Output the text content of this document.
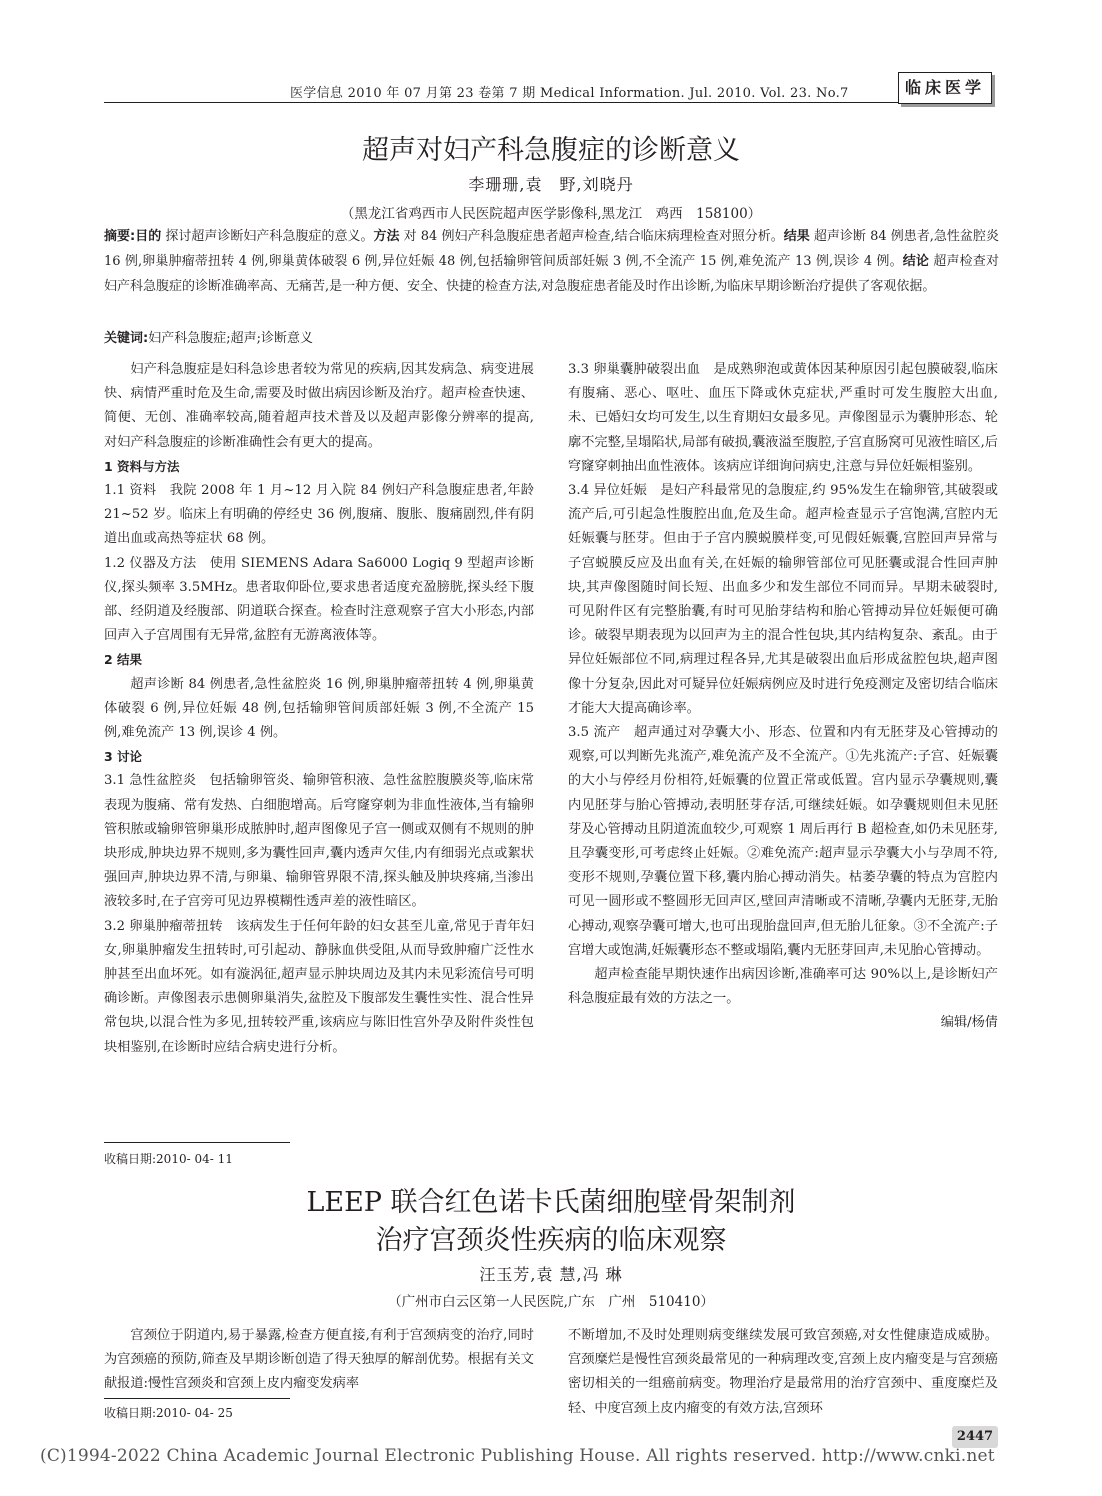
医学信息 2010 年 07 月第 23 卷第 7 期 Medical Information. Jul. 2010. Vol. 23. No.7	临床医学
超声对妇产科急腹症的诊断意义
李珊珊,袁　野,刘晓丹
（黑龙江省鸡西市人民医院超声医学影像科,黑龙江　鸡西　158100）
摘要:目的 探讨超声诊断妇产科急腹症的意义。方法 对 84 例妇产科急腹症患者超声检查,结合临床病理检查对照分析。结果 超声诊断 84 例患者,急性盆腔炎 16 例,卵巢肿瘤蒂扭转 4 例,卵巢黄体破裂 6 例,异位妊娠 48 例,包括输卵管间质部妊娠 3 例,不全流产 15 例,难免流产 13 例,误诊 4 例。结论 超声检查对妇产科急腹症的诊断准确率高、无痛苦,是一种方便、安全、快捷的检查方法,对急腹症患者能及时作出诊断,为临床早期诊断治疗提供了客观依据。
关键词:妇产科急腹症;超声;诊断意义

妇产科急腹症是妇科急诊患者较为常见的疾病,因其发病急、病变进展快、病情严重时危及生命,需要及时做出病因诊断及治疗。超声检查快速、简便、无创、准确率较高,随着超声技术普及以及超声影像分辨率的提高,对妇产科急腹症的诊断准确性会有更大的提高。

1 资料与方法

1.1 资料　我院 2008 年 1 月~12 月入院 84 例妇产科急腹症患者,年龄 21~52 岁。临床上有明确的停经史 36 例,腹痛、腹胀、腹痛剧烈,伴有阴道出血或高热等症状 68 例。

1.2 仪器及方法　使用 SIEMENS Adara Sa6000 Logiq 9 型超声诊断仪,探头频率 3.5MHz。患者取仰卧位,要求患者适度充盈膀胱,探头经下腹部、经阴道及经腹部、阴道联合探查。检查时注意观察子宫大小形态,内部回声入子宫周围有无异常,盆腔有无游离液体等。

2 结果

超声诊断 84 例患者,急性盆腔炎 16 例,卵巢肿瘤蒂扭转 4 例,卵巢黄体破裂 6 例,异位妊娠 48 例,包括输卵管间质部妊娠 3 例,不全流产 15 例,难免流产 13 例,误诊 4 例。

3 讨论

3.1 急性盆腔炎　包括输卵管炎、输卵管积液、急性盆腔腹膜炎等,临床常表现为腹痛、常有发热、白细胞增高。后穹窿穿刺为非血性液体,当有输卵管积脓或输卵管卵巢形成脓肿时,超声图像见子宫一侧或双侧有不规则的肿块形成,肿块边界不规则,多为囊性回声,囊内透声欠佳,内有细弱光点或絮状强回声,肿块边界不清,与卵巢、输卵管界限不清,探头触及肿块疼痛,当渗出液较多时,在子宫旁可见边界模糊性透声差的液性暗区。

3.2 卵巢肿瘤蒂扭转　该病发生于任何年龄的妇女甚至儿童,常见于青年妇女,卵巢肿瘤发生扭转时,可引起动、静脉血供受阻,从而导致肿瘤广泛性水肿甚至出血坏死。如有漩涡征,超声显示肿块周边及其内未见彩流信号可明确诊断。声像图表示患侧卵巢消失,盆腔及下腹部发生囊性实性、混合性异常包块,以混合性为多见,扭转较严重,该病应与陈旧性宫外孕及附件炎性包块相鉴别,在诊断时应结合病史进行分析。

收稿日期:2010- 04- 11

3.3 卵巢囊肿破裂出血　是成熟卵泡或黄体因某种原因引起包膜破裂,临床有腹痛、恶心、呕吐、血压下降或休克症状,严重时可发生腹腔大出血,未、已婚妇女均可发生,以生育期妇女最多见。声像图显示为囊肿形态、轮廓不完整,呈塌陷状,局部有破损,囊液溢至腹腔,子宫直肠窝可见液性暗区,后穹窿穿刺抽出血性液体。该病应详细询问病史,注意与异位妊娠相鉴别。

3.4 异位妊娠　是妇产科最常见的急腹症,约 95%发生在输卵管,其破裂或流产后,可引起急性腹腔出血,危及生命。超声检查显示子宫饱满,宫腔内无妊娠囊与胚芽。但由于子宫内膜蜕膜样变,可见假妊娠囊,宫腔回声异常与子宫蜕膜反应及出血有关,在妊娠的输卵管部位可见胚囊或混合性回声肿块,其声像图随时间长短、出血多少和发生部位不同而异。早期未破裂时,可见附件区有完整胎囊,有时可见胎芽结构和胎心管搏动异位妊娠便可确诊。破裂早期表现为以回声为主的混合性包块,其内结构复杂、紊乱。由于异位妊娠部位不同,病理过程各异,尤其是破裂出血后形成盆腔包块,超声图像十分复杂,因此对可疑异位妊娠病例应及时进行免疫测定及密切结合临床才能大大提高确诊率。

3.5 流产　超声通过对孕囊大小、形态、位置和内有无胚芽及心管搏动的观察,可以判断先兆流产,难免流产及不全流产。①先兆流产:子宫、妊娠囊的大小与停经月份相符,妊娠囊的位置正常或低置。宫内显示孕囊规则,囊内见胚芽与胎心管搏动,表明胚芽存活,可继续妊娠。如孕囊规则但未见胚芽及心管搏动且阴道流血较少,可观察 1 周后再行 B 超检查,如仍未见胚芽,且孕囊变形,可考虑终止妊娠。②难免流产:超声显示孕囊大小与孕周不符,变形不规则,孕囊位置下移,囊内胎心搏动消失。枯萎孕囊的特点为宫腔内可见一圆形或不整圆形无回声区,壁回声清晰或不清晰,孕囊内无胚芽,无胎心搏动,观察孕囊可增大,也可出现胎盘回声,但无胎儿征象。③不全流产:子宫增大或饱满,妊娠囊形态不整或塌陷,囊内无胚芽回声,未见胎心管搏动。

超声检查能早期快速作出病因诊断,准确率可达 90%以上,是诊断妇产科急腹症最有效的方法之一。

编辑/杨倩

LEEP 联合红色诺卡氏菌细胞壁骨架制剂
治疗宫颈炎性疾病的临床观察
汪玉芳,袁 慧,冯 琳
（广州市白云区第一人民医院,广东　广州　510410）

宫颈位于阴道内,易于暴露,检查方便直接,有利于宫颈病变的治疗,同时为宫颈癌的预防,筛查及早期诊断创造了得天独厚的解剖优势。根据有关文献报道:慢性宫颈炎和宫颈上皮内瘤变发病率

收稿日期:2010- 04- 25

不断增加,不及时处理则病变继续发展可致宫颈癌,对女性健康造成威胁。宫颈糜烂是慢性宫颈炎最常见的一种病理改变,宫颈上皮内瘤变是与宫颈癌密切相关的一组癌前病变。物理治疗是最常用的治疗宫颈中、重度糜烂及轻、中度宫颈上皮内瘤变的有效方法,宫颈环

2447
(C)1994-2022 China Academic Journal Electronic Publishing House. All rights reserved. http://www.cnki.net
